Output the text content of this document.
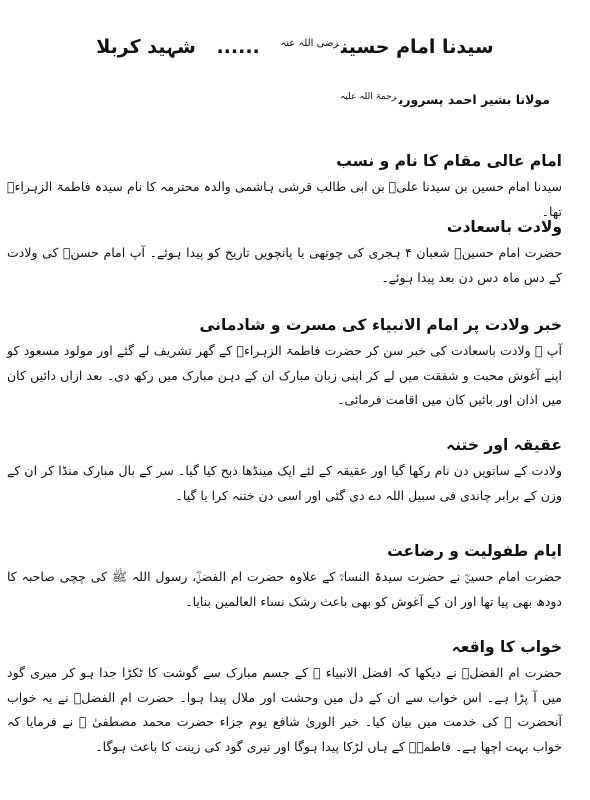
سیدنا امام حسین$^{رضی اللہ عنہ}$ ...... شہید کربلا
مولانا بشیر احمد پسروری$^{رحمۃ اللہ علیہ}$
امام عالی مقام کا نام و نسب

سیدنا امام حسین بن سیدنا علیؓ بن ابی طالب قرشی ہاشمی والدہ محترمہ کا نام سیدہ فاطمۃ الزہراءؓ تھا۔

ولادت باسعادت

حضرت امام حسینؓ شعبان ۴ ہجری کی چوتھی یا پانچویں تاریخ کو پیدا ہوئے۔ آپ امام حسنؓ کی ولادت کے دس ماہ دس دن بعد پیدا ہوئے۔

خبر ولادت پر امام الانبیاء کی مسرت و شادمانی

آپ ﷺ ولادت باسعادت کی خبر سن کر حضرت فاطمۃ الزہراءؓ کے گھر تشریف لے گئے اور مولود مسعود کو اپنے آغوش محبت و شفقت میں لے کر اپنی زبان مبارک ان کے دہن مبارک میں رکھ دی۔ بعد ازاں دائیں کان میں اذان اور بائیں کان میں اقامت فرمائی۔

عقیقہ اور ختنہ

ولادت کے ساتویں دن نام رکھا گیا اور عقیقہ کے لئے ایک مینڈھا ذبح کیا گیا۔ سر کے بال مبارک منڈا کر ان کے وزن کے برابر چاندی فی سبیل اللہ دے دی گئی اور اسی دن ختنہ کرا یا گیا۔

ایام طفولیت و رضاعت

حضرت امام حسینؓ نے حضرت سیدۃ النساءؓ کے علاوہ حضرت ام الفضلؓ، رسول اللہ ﷺ کی چچی صاحبہ کا دودھ بھی پیا تھا اور ان کے آغوش کو بھی باعث رشک نساء العالمین بنایا۔

خواب کا واقعہ

حضرت ام الفضلؓ نے دیکھا کہ افضل الانبیاء ﷺ کے جسم مبارک سے گوشت کا ٹکڑا جدا ہو کر میری گود میں آ پڑا ہے۔ اس خواب سے ان کے دل میں وحشت اور ملال پیدا ہوا۔ حضرت ام الفضلؓ نے یہ خواب آنحضرت ﷺ کی خدمت میں بیان کیا۔ خیر الوریٰ شافع یوم جزاء حضرت محمد مصطفیٰ ﷺ نے فرمایا کہ خواب بہت اچھا ہے۔ فاطمہؓ کے ہاں لڑکا پیدا ہوگا اور تیری گود کی زینت کا باعث ہوگا۔
